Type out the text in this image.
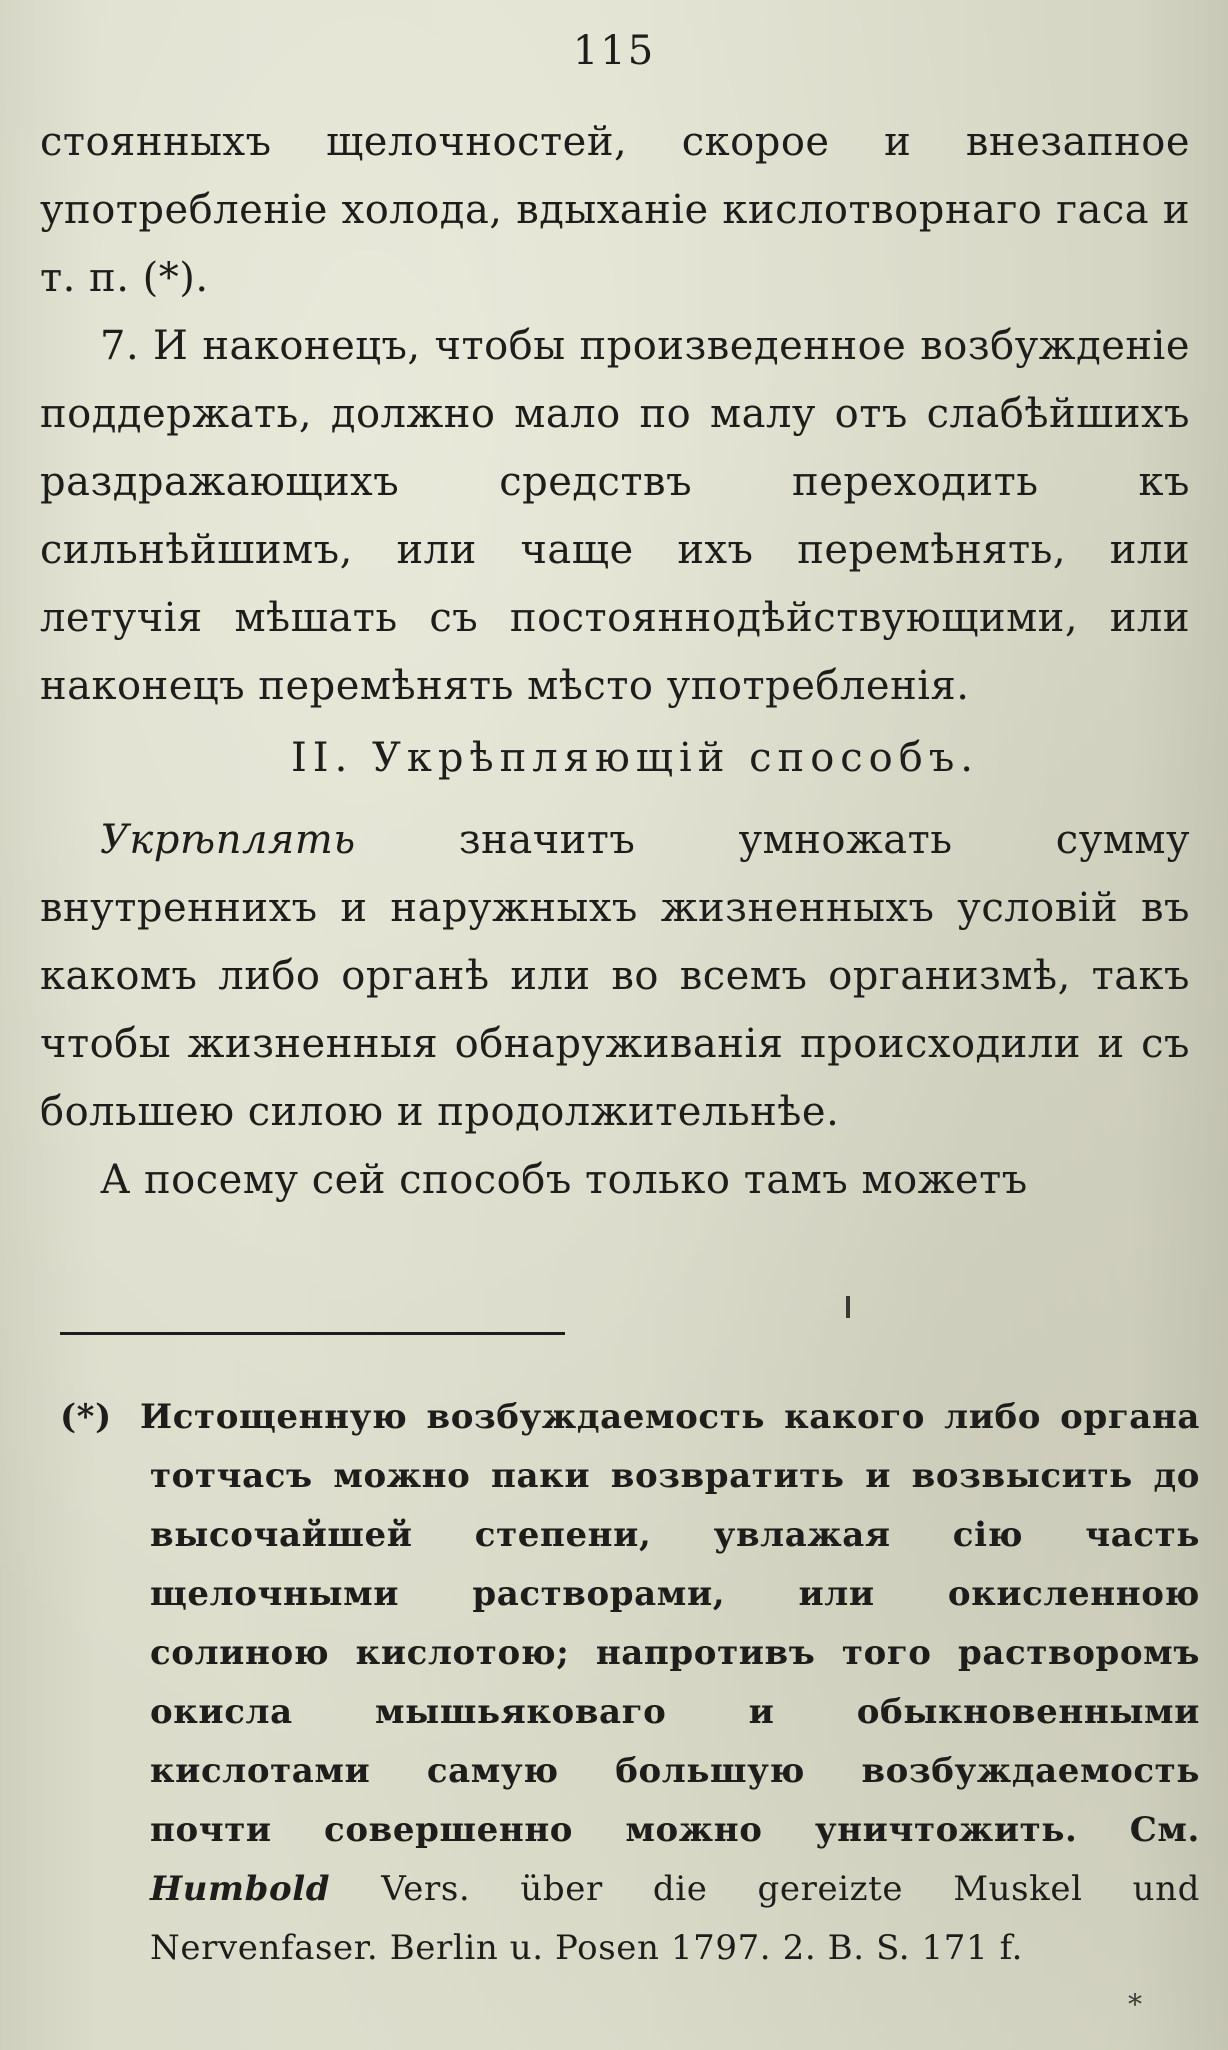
115

стоянныхъ щелочностей, скорое и внезапное употребленіе холода, вдыханіе кислотворнаго гаса и т. п. (*).

7. И наконецъ, чтобы произведенное возбужденіе поддержать, должно мало по малу отъ слабѣйшихъ раздражающихъ средствъ переходить къ сильнѣйшимъ, или чаще ихъ перемѣнять, или летучія мѣшать съ постояннодѣйствующими, или наконецъ перемѣнять мѣсто употребленія.

II. Укрѣпляющій способъ.

Укрѣплять значитъ умножать сумму внутреннихъ и наружныхъ жизненныхъ условій въ какомъ либо органѣ или во всемъ организмѣ, такъ чтобы жизненныя обнаруживанія происходили и съ большею силою и продолжительнѣе.

А посему сей способъ только тамъ можетъ

(*) Истощенную возбуждаемость какого либо органа тотчасъ можно паки возвратить и возвысить до высочайшей степени, увлажая сію часть щелочными растворами, или окисленною солиною кислотою; напротивъ того растворомъ окисла мышьяковаго и обыкновенными кислотами самую большую возбуждаемость почти совершенно можно уничтожить. См. Humbold Vers. über die gereizte Muskel und Nervenfaser. Berlin u. Posen 1797. 2. B. S. 171 f.

*
